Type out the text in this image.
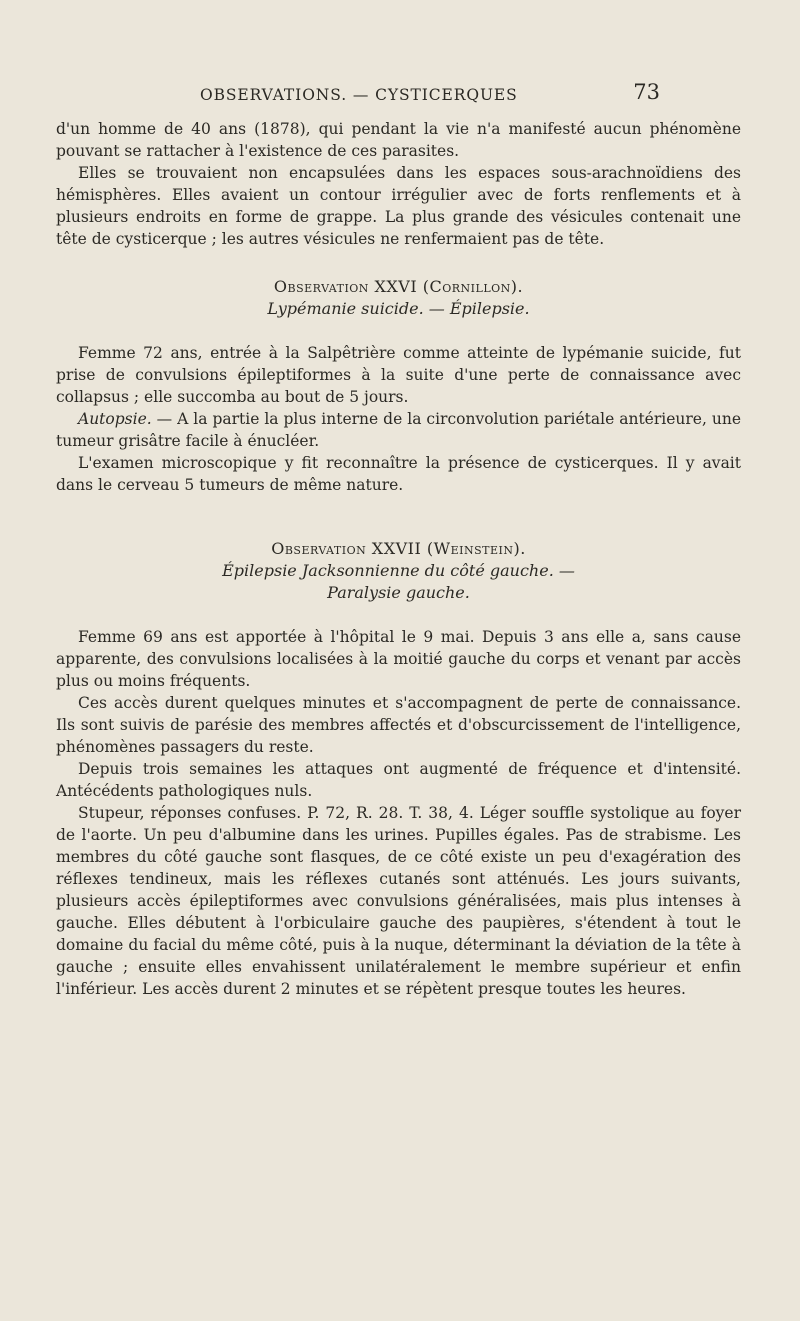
OBSERVATIONS. — CYSTICERQUES	73

d'un homme de 40 ans (1878), qui pendant la vie n'a manifesté aucun phénomène pouvant se rattacher à l'existence de ces parasites.

Elles se trouvaient non encapsulées dans les espaces sous-arachnoïdiens des hémisphères. Elles avaient un contour irrégulier avec de forts renflements et à plusieurs endroits en forme de grappe. La plus grande des vésicules contenait une tête de cysticerque ; les autres vésicules ne renfermaient pas de tête.

Observation XXVI (Cornillon).

Lypémanie suicide. — Épilepsie.

Femme 72 ans, entrée à la Salpêtrière comme atteinte de lypémanie suicide, fut prise de convulsions épileptiformes à la suite d'une perte de connaissance avec collapsus ; elle succomba au bout de 5 jours.

Autopsie. — A la partie la plus interne de la circonvolution pariétale antérieure, une tumeur grisâtre facile à énucléer.

L'examen microscopique y fit reconnaître la présence de cysticerques. Il y avait dans le cerveau 5 tumeurs de même nature.

Observation XXVII (Weinstein).

Épilepsie Jacksonnienne du côté gauche. —

Paralysie gauche.

Femme 69 ans est apportée à l'hôpital le 9 mai. Depuis 3 ans elle a, sans cause apparente, des convulsions localisées à la moitié gauche du corps et venant par accès plus ou moins fréquents.

Ces accès durent quelques minutes et s'accompagnent de perte de connaissance. Ils sont suivis de parésie des membres affectés et d'obscurcissement de l'intelligence, phénomènes passagers du reste.

Depuis trois semaines les attaques ont augmenté de fréquence et d'intensité. Antécédents pathologiques nuls.

Stupeur, réponses confuses. P. 72, R. 28. T. 38, 4. Léger souffle systolique au foyer de l'aorte. Un peu d'albumine dans les urines. Pupilles égales. Pas de strabisme. Les membres du côté gauche sont flasques, de ce côté existe un peu d'exagération des réflexes tendineux, mais les réflexes cutanés sont atténués. Les jours suivants, plusieurs accès épileptiformes avec convulsions généralisées, mais plus intenses à gauche. Elles débutent à l'orbiculaire gauche des paupières, s'étendent à tout le domaine du facial du même côté, puis à la nuque, déterminant la déviation de la tête à gauche ; ensuite elles envahissent unilatéralement le membre supérieur et enfin l'inférieur. Les accès durent 2 minutes et se répètent presque toutes les heures.
